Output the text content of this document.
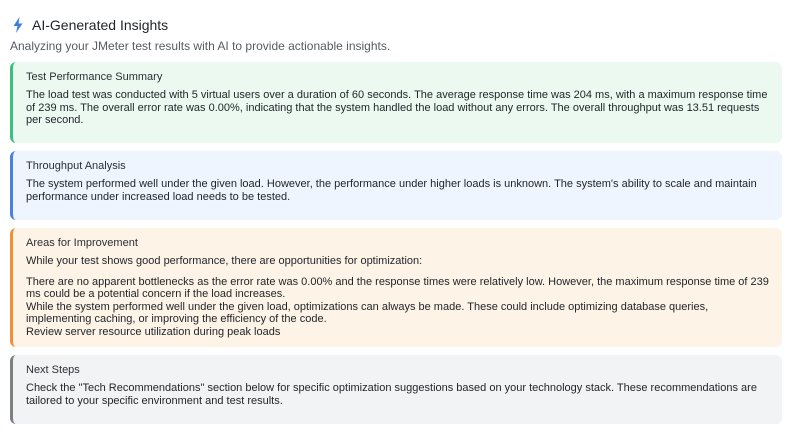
AI-Generated Insights
Analyzing your JMeter test results with AI to provide actionable insights.
Test Performance Summary

The load test was conducted with 5 virtual users over a duration of 60 seconds. The average response time was 204 ms, with a maximum response time of 239 ms. The overall error rate was 0.00%, indicating that the system handled the load without any errors. The overall throughput was 13.51 requests per second.

Throughput Analysis

The system performed well under the given load. However, the performance under higher loads is unknown. The system's ability to scale and maintain performance under increased load needs to be tested.

Areas for Improvement

While your test shows good performance, there are opportunities for optimization:

There are no apparent bottlenecks as the error rate was 0.00% and the response times were relatively low. However, the maximum response time of 239 ms could be a potential concern if the load increases.

While the system performed well under the given load, optimizations can always be made. These could include optimizing database queries, implementing caching, or improving the efficiency of the code.

Review server resource utilization during peak loads

Next Steps

Check the "Tech Recommendations" section below for specific optimization suggestions based on your technology stack. These recommendations are tailored to your specific environment and test results.
